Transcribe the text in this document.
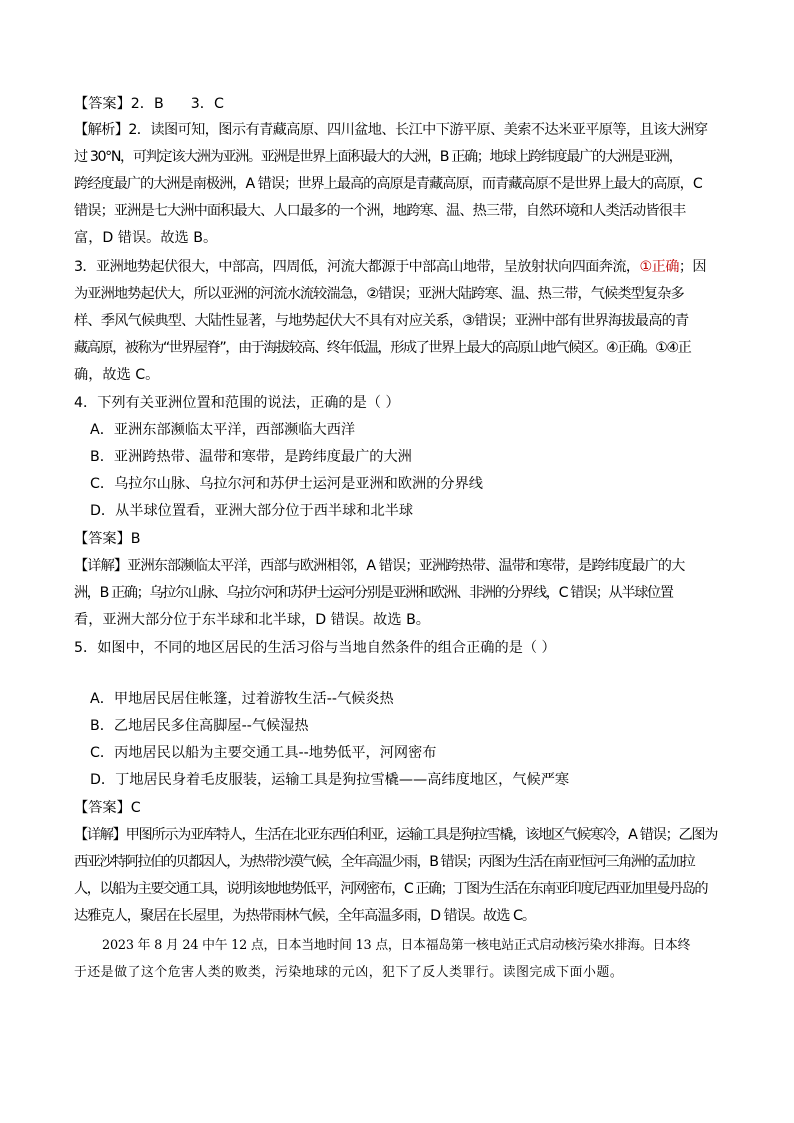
【答案】2．B      3．C
【解析】2．读图可知，图示有青藏高原、四川盆地、长江中下游平原、美索不达米亚平原等，且该大洲穿
过 30°N，可判定该大洲为亚洲。亚洲是世界上面积最大的大洲，B 正确；地球上跨纬度最广的大洲是亚洲，
跨经度最广的大洲是南极洲，A 错误；世界上最高的高原是青藏高原，而青藏高原不是世界上最大的高原，C
错误；亚洲是七大洲中面积最大、人口最多的一个洲，地跨寒、温、热三带，自然环境和人类活动皆很丰
富，D 错误。故选 B。
3．亚洲地势起伏很大，中部高，四周低，河流大都源于中部高山地带，呈放射状向四面奔流，①正确；因
为亚洲地势起伏大，所以亚洲的河流水流较湍急，②错误；亚洲大陆跨寒、温、热三带，气候类型复杂多
样、季风气候典型、大陆性显著，与地势起伏大不具有对应关系，③错误；亚洲中部有世界海拔最高的青
藏高原，被称为“世界屋脊”，由于海拔较高、终年低温，形成了世界上最大的高原山地气候区。④正确。①④正
确，故选 C。
4．下列有关亚洲位置和范围的说法，正确的是（ ）
A．亚洲东部濒临太平洋，西部濒临大西洋
B．亚洲跨热带、温带和寒带，是跨纬度最广的大洲
C．乌拉尔山脉、乌拉尔河和苏伊士运河是亚洲和欧洲的分界线
D．从半球位置看，亚洲大部分位于西半球和北半球
【答案】B
【详解】亚洲东部濒临太平洋，西部与欧洲相邻，A 错误；亚洲跨热带、温带和寒带，是跨纬度最广的大
洲，B 正确；乌拉尔山脉、乌拉尔河和苏伊士运河分别是亚洲和欧洲、非洲的分界线，C 错误；从半球位置
看，亚洲大部分位于东半球和北半球，D 错误。故选 B。
5．如图中，不同的地区居民的生活习俗与当地自然条件的组合正确的是（ ）
A．甲地居民居住帐篷，过着游牧生活--气候炎热
B．乙地居民多住高脚屋--气候湿热
C．丙地居民以船为主要交通工具--地势低平，河网密布
D．丁地居民身着毛皮服装，运输工具是狗拉雪橇——高纬度地区，气候严寒
【答案】C
【详解】甲图所示为亚库特人，生活在北亚东西伯利亚，运输工具是狗拉雪橇，该地区气候寒冷，A 错误；乙图为
西亚沙特阿拉伯的贝都因人，为热带沙漠气候，全年高温少雨，B 错误；丙图为生活在南亚恒河三角洲的孟加拉
人，以船为主要交通工具，说明该地地势低平，河网密布，C 正确；丁图为生活在东南亚印度尼西亚加里曼丹岛的
达雅克人，聚居在长屋里，为热带雨林气候，全年高温多雨，D 错误。故选 C。
2023 年 8 月 24 中午 12 点，日本当地时间 13 点，日本福岛第一核电站正式启动核污染水排海。日本终
于还是做了这个危害人类的败类，污染地球的元凶，犯下了反人类罪行。读图完成下面小题。
